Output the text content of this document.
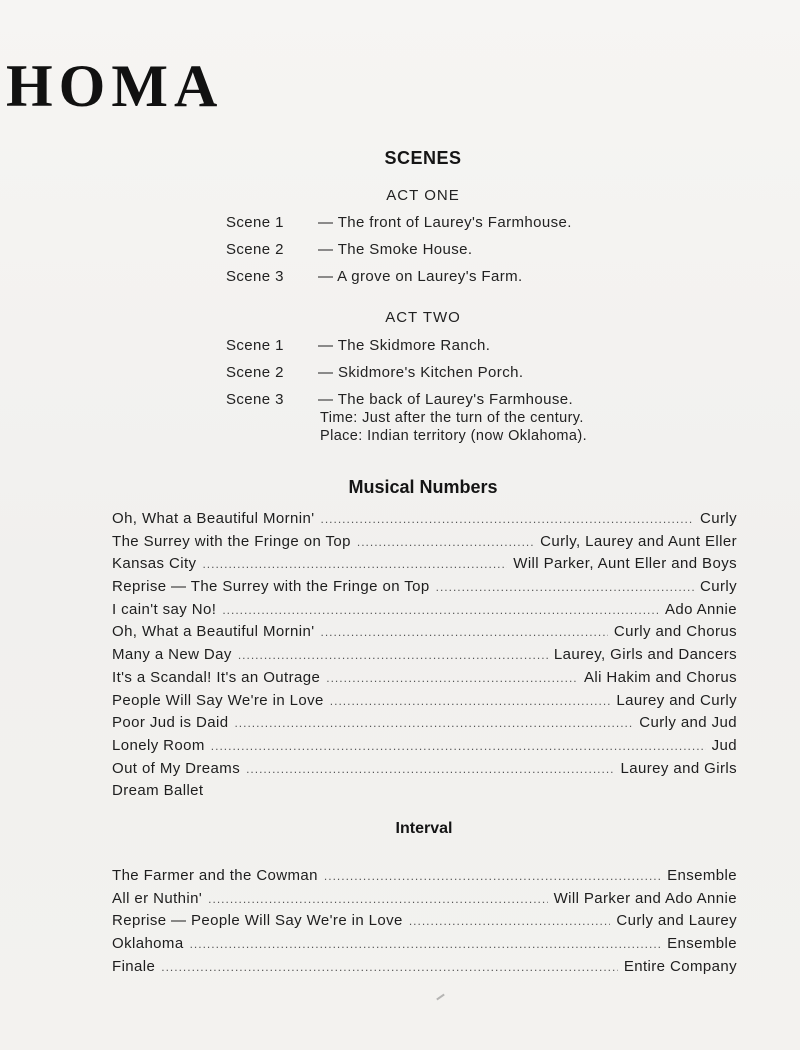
HOMA
SCENES
ACT ONE
Scene 1 — The front of Laurey's Farmhouse.
Scene 2 — The Smoke House.
Scene 3 — A grove on Laurey's Farm.
ACT TWO
Scene 1 — The Skidmore Ranch.
Scene 2 — Skidmore's Kitchen Porch.
Scene 3 — The back of Laurey's Farmhouse.
Time: Just after the turn of the century.
Place: Indian territory (now Oklahoma).
Musical Numbers
Oh, What a Beautiful Mornin' .....	Curly
The Surrey with the Fringe on Top .....	Curly, Laurey and Aunt Eller
Kansas City .....	Will Parker, Aunt Eller and Boys
Reprise — The Surrey with the Fringe on Top .....	Curly
I cain't say No! .....	Ado Annie
Oh, What a Beautiful Mornin' .....	Curly and Chorus
Many a New Day .....	Laurey, Girls and Dancers
It's a Scandal! It's an Outrage .....	Ali Hakim and Chorus
People Will Say We're in Love .....	Laurey and Curly
Poor Jud is Daid .....	Curly and Jud
Lonely Room .....	Jud
Out of My Dreams .....	Laurey and Girls
Dream Ballet
Interval
The Farmer and the Cowman .....	Ensemble
All er Nuthin' .....	Will Parker and Ado Annie
Reprise — People Will Say We're in Love .....	Curly and Laurey
Oklahoma .....	Ensemble
Finale .....	Entire Company
